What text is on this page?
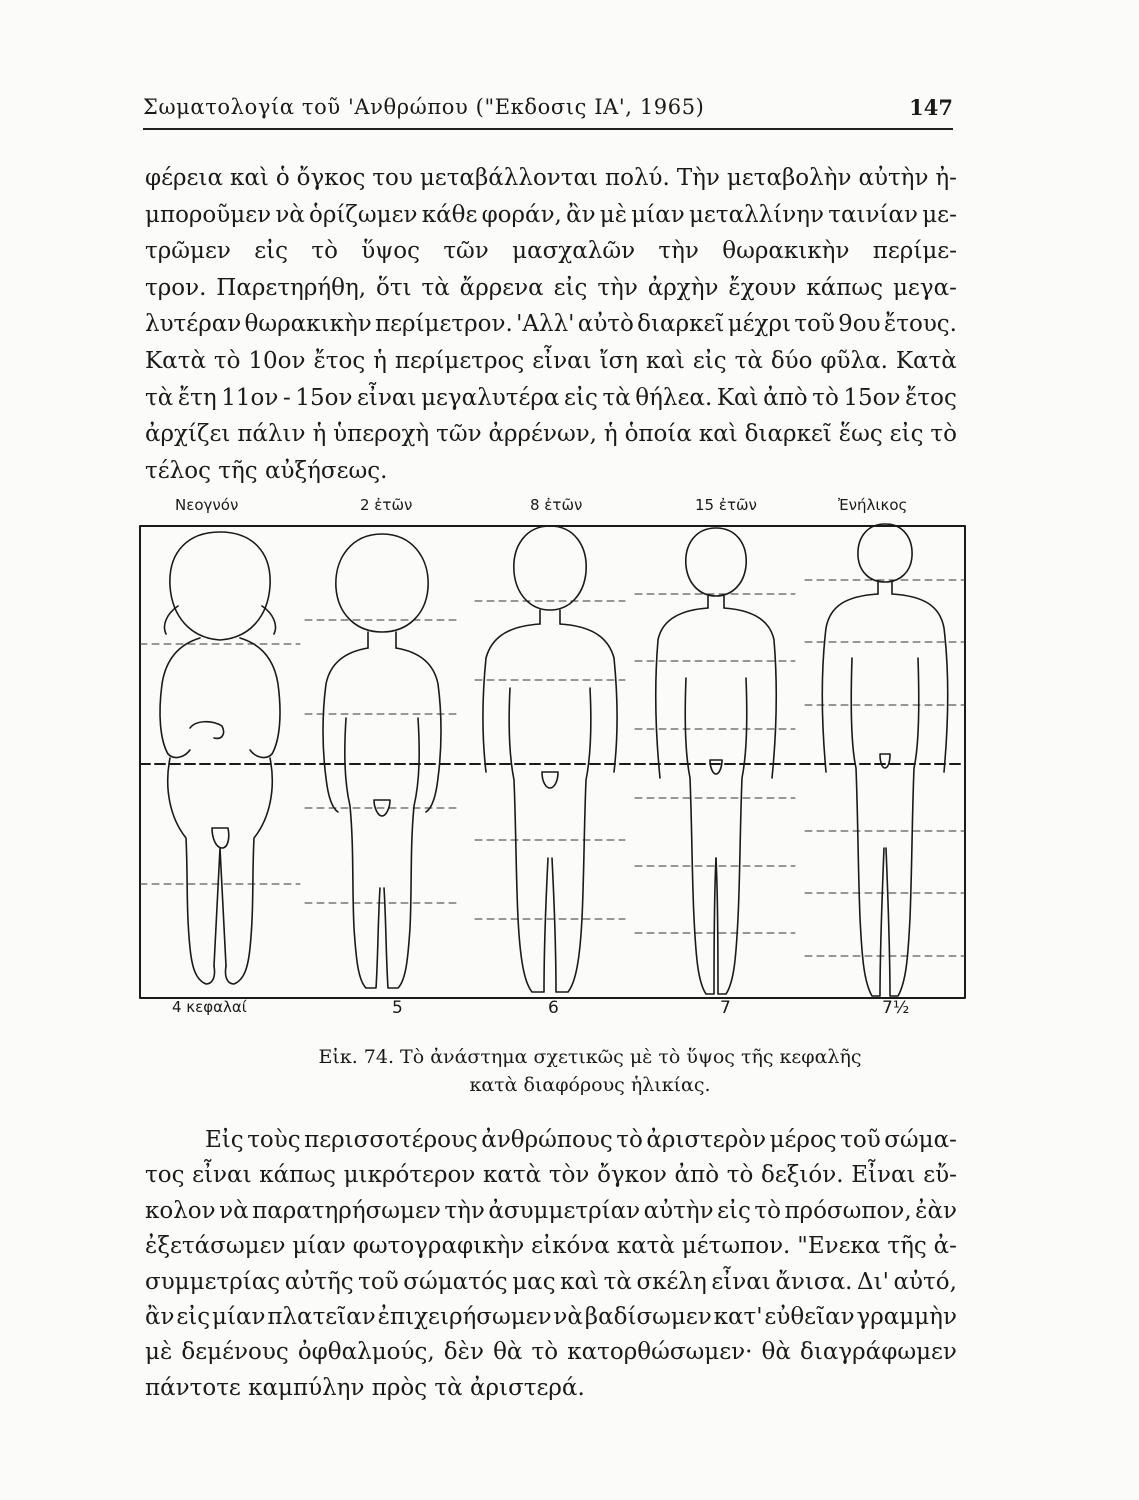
Σωματολογία τοῦ 'Ανθρώπου ("Εκδοσις ΙΑ', 1965)	147
φέρεια καὶ ὁ ὄγκος του μεταβάλλονται πολύ. Τὴν μεταβολὴν αὐτὴν ἠ-
μποροῦμεν νὰ ὁρίζωμεν κάθε φοράν, ἂν μὲ μίαν μεταλλίνην ταινίαν με-
τρῶμεν εἰς τὸ ὕψος τῶν μασχαλῶν τὴν θωρακικὴν περίμε-
τρον. Παρετηρήθη, ὅτι τὰ ἄρρενα εἰς τὴν ἀρχὴν ἔχουν κάπως μεγα-
λυτέραν θωρακικὴν περίμετρον. 'Αλλ' αὐτὸ διαρκεῖ μέχρι τοῦ 9ου ἔτους.
Κατὰ τὸ 10ον ἔτος ἡ περίμετρος εἶναι ἴση καὶ εἰς τὰ δύο φῦλα. Κατὰ
τὰ ἔτη 11ον - 15ον εἶναι μεγαλυτέρα εἰς τὰ θήλεα. Καὶ ἀπὸ τὸ 15ον ἔτος
ἀρχίζει πάλιν ἡ ὑπεροχὴ τῶν ἀρρένων, ἡ ὁποία καὶ διαρκεῖ ἕως εἰς τὸ
τέλος τῆς αὐξήσεως.
Νεογνόν	2 ἐτῶν	8 ἐτῶν	15 ἐτῶν	Ἐνήλικος
4 κεφαλαί	5	6	7	7½
Εἰκ. 74. Τὸ ἀνάστημα σχετικῶς μὲ τὸ ὕψος τῆς κεφαλῆς
κατὰ διαφόρους ἡλικίας.
Εἰς τοὺς περισσοτέρους ἀνθρώπους τὸ ἀριστερὸν μέρος τοῦ σώμα-
τος εἶναι κάπως μικρότερον κατὰ τὸν ὄγκον ἀπὸ τὸ δεξιόν. Εἶναι εὔ-
κολον νὰ παρατηρήσωμεν τὴν ἀσυμμετρίαν αὐτὴν εἰς τὸ πρόσωπον, ἐὰν
ἐξετάσωμεν μίαν φωτογραφικὴν εἰκόνα κατὰ μέτωπον. "Ενεκα τῆς ἀ-
συμμετρίας αὐτῆς τοῦ σώματός μας καὶ τὰ σκέλη εἶναι ἄνισα. Δι' αὐτό,
ἂν εἰς μίαν πλατεῖαν ἐπιχειρήσωμεν νὰ βαδίσωμεν κατ' εὐθεῖαν γραμμὴν
μὲ δεμένους ὀφθαλμούς, δὲν θὰ τὸ κατορθώσωμεν· θὰ διαγράφωμεν
πάντοτε καμπύλην πρὸς τὰ ἀριστερά.
